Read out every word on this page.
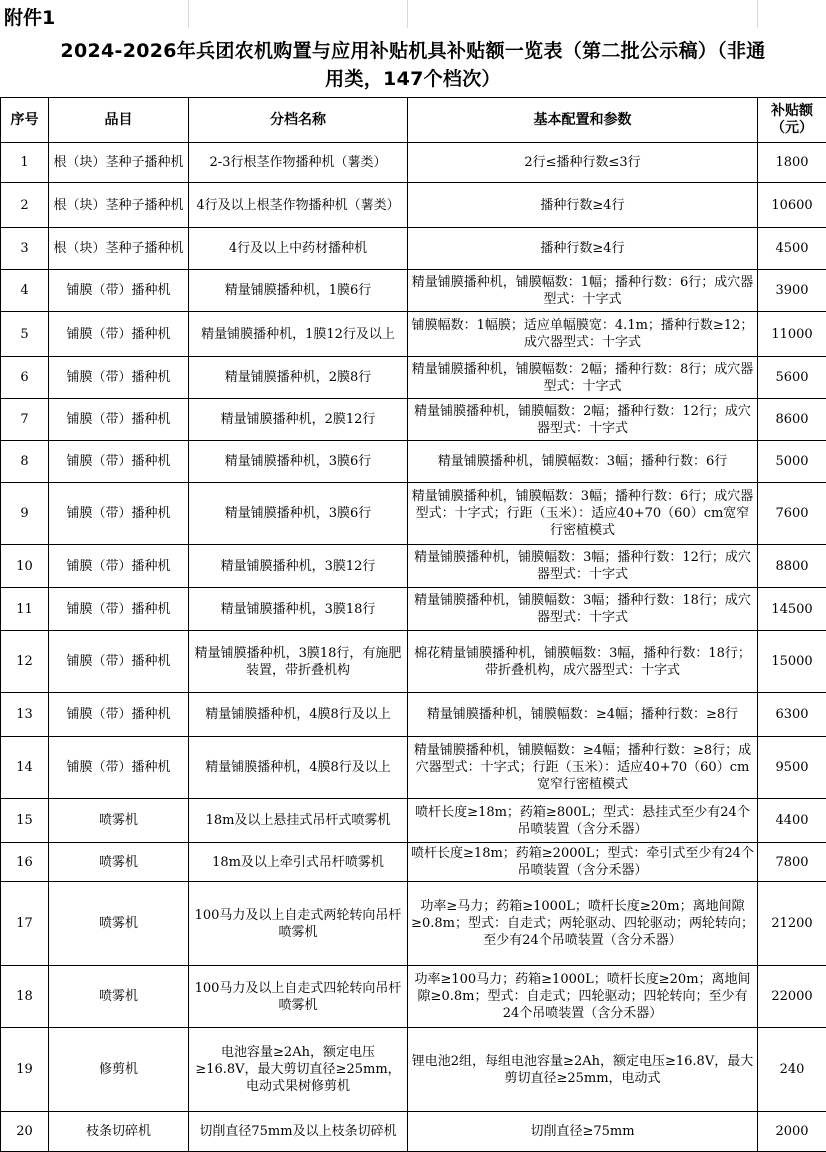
附件1
2024-2026年兵团农机购置与应用补贴机具补贴额一览表（第二批公示稿）（非通
用类，147个档次）
序号	品目	分档名称	基本配置和参数	补贴额（元）
1	根（块）茎种子播种机	2-3行根茎作物播种机（薯类）	2行≤播种行数≤3行	1800
2	根（块）茎种子播种机	4行及以上根茎作物播种机（薯类）	播种行数≥4行	10600
3	根（块）茎种子播种机	4行及以上中药材播种机	播种行数≥4行	4500
4	铺膜（带）播种机	精量铺膜播种机，1膜6行	精量铺膜播种机，铺膜幅数：1幅；播种行数：6行；成穴器型式：十字式	3900
5	铺膜（带）播种机	精量铺膜播种机，1膜12行及以上	铺膜幅数：1幅膜；适应单幅膜宽：4.1m；播种行数≥12；成穴器型式：十字式	11000
6	铺膜（带）播种机	精量铺膜播种机，2膜8行	精量铺膜播种机，铺膜幅数：2幅；播种行数：8行；成穴器型式：十字式	5600
7	铺膜（带）播种机	精量铺膜播种机，2膜12行	精量铺膜播种机，铺膜幅数：2幅；播种行数：12行；成穴器型式：十字式	8600
8	铺膜（带）播种机	精量铺膜播种机，3膜6行	精量铺膜播种机，铺膜幅数：3幅；播种行数：6行	5000
9	铺膜（带）播种机	精量铺膜播种机，3膜6行	精量铺膜播种机，铺膜幅数：3幅；播种行数：6行；成穴器型式：十字式；行距（玉米）：适应40+70（60）cm宽窄行密植模式	7600
10	铺膜（带）播种机	精量铺膜播种机，3膜12行	精量铺膜播种机，铺膜幅数：3幅；播种行数：12行；成穴器型式：十字式	8800
11	铺膜（带）播种机	精量铺膜播种机，3膜18行	精量铺膜播种机，铺膜幅数：3幅；播种行数：18行；成穴器型式：十字式	14500
12	铺膜（带）播种机	精量铺膜播种机，3膜18行，有施肥装置，带折叠机构	棉花精量铺膜播种机，铺膜幅数：3幅，播种行数：18行；带折叠机构，成穴器型式：十字式	15000
13	铺膜（带）播种机	精量铺膜播种机，4膜8行及以上	精量铺膜播种机，铺膜幅数：≥4幅；播种行数：≥8行	6300
14	铺膜（带）播种机	精量铺膜播种机，4膜8行及以上	精量铺膜播种机，铺膜幅数：≥4幅；播种行数：≥8行；成穴器型式：十字式；行距（玉米）：适应40+70（60）cm宽窄行密植模式	9500
15	喷雾机	18m及以上悬挂式吊杆式喷雾机	喷杆长度≥18m；药箱≥800L；型式：悬挂式至少有24个吊喷装置（含分禾器）	4400
16	喷雾机	18m及以上牵引式吊杆喷雾机	喷杆长度≥18m；药箱≥2000L；型式：牵引式至少有24个吊喷装置（含分禾器）	7800
17	喷雾机	100马力及以上自走式两轮转向吊杆喷雾机	功率≥马力；药箱≥1000L；喷杆长度≥20m；离地间隙≥0.8m；型式：自走式；两轮驱动、四轮驱动；两轮转向；至少有24个吊喷装置（含分禾器）	21200
18	喷雾机	100马力及以上自走式四轮转向吊杆喷雾机	功率≥100马力；药箱≥1000L；喷杆长度≥20m；离地间隙≥0.8m；型式：自走式；四轮驱动；四轮转向；至少有24个吊喷装置（含分禾器）	22000
19	修剪机	电池容量≥2Ah，额定电压≥16.8V，最大剪切直径≥25mm，电动式果树修剪机	锂电池2组，每组电池容量≥2Ah，额定电压≥16.8V，最大剪切直径≥25mm，电动式	240
20	枝条切碎机	切削直径75mm及以上枝条切碎机	切削直径≥75mm	2000
